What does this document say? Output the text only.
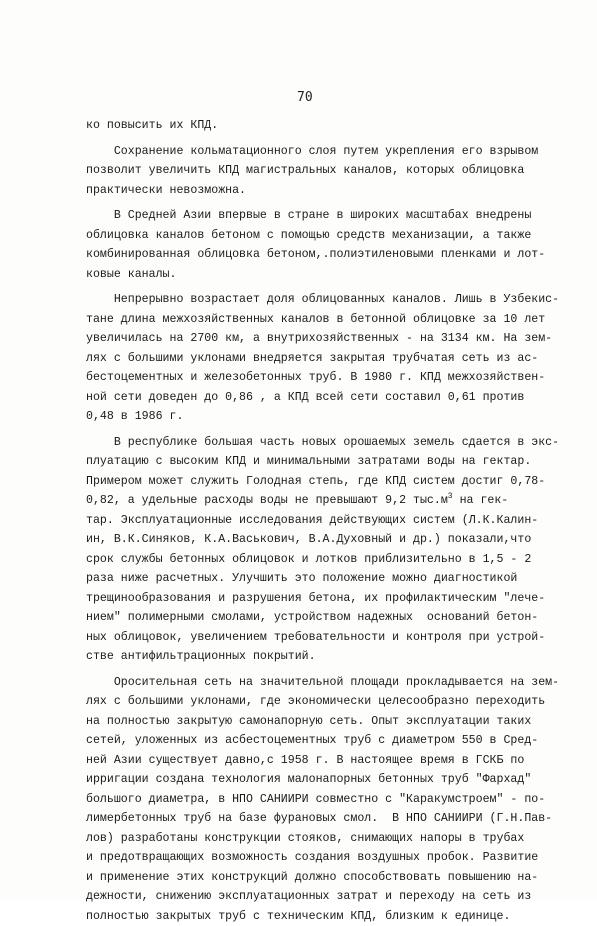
70
ко повысить их КПД.
Сохранение кольматационного слоя путем укрепления его взрывом
позволит увеличить КПД магистральных каналов, которых облицовка
практически невозможна.
В Средней Азии впервые в стране в широких масштабах внедрены
облицовка каналов бетоном с помощью средств механизации, а также
комбинированная облицовка бетоном,.полиэтиленовыми пленками и лот-
ковые каналы.
Непрерывно возрастает доля облицованных каналов. Лишь в Узбекис-
тане длина межхозяйственных каналов в бетонной облицовке за 10 лет
увеличилась на 2700 км, а внутрихозяйственных - на 3134 км. На зем-
лях с большими уклонами внедряется закрытая трубчатая сеть из ас-
бестоцементных и железобетонных труб. В 1980 г. КПД межхозяйствен-
ной сети доведен до 0,86 , а КПД всей сети составил 0,61 против
0,48 в 1986 г.
В республике большая часть новых орошаемых земель сдается в экс-
плуатацию с высоким КПД и минимальными затратами воды на гектар.
Примером может служить Голодная степь, где КПД систем достиг 0,78-
0,82, а удельные расходы воды не превышают 9,2 $тыс.м^3$ на гек-
тар. Эксплуатационные исследования действующих систем (Л.К.Калин-
ин, В.К.Синяков, К.А.Васькович, В.А.Духовный и др.) показали,что
срок службы бетонных облицовок и лотков приблизительно в 1,5 - 2
раза ниже расчетных. Улучшить это положение можно диагностикой
трещинообразования и разрушения бетона, их профилактическим "лече-
нием" полимерными смолами, устройством надежных  оснований бетон-
ных облицовок, увеличением требовательности и контроля при устрой-
стве антифильтрационных покрытий.
Оросительная сеть на значительной площади прокладывается на зем-
лях с большими уклонами, где экономически целесообразно переходить
на полностью закрытую самонапорную сеть. Опыт эксплуатации таких
сетей, уложенных из асбестоцементных труб с диаметром 550 в Сред-
ней Азии существует давно,с 1958 г. В настоящее время в ГСКБ по
ирригации создана технология малонапорных бетонных труб "Фархад"
большого диаметра, в НПО САНИИРИ совместно с "Каракумстроем" - по-
лимербетонных труб на базе фурановых смол.  В НПО САНИИРИ (Г.Н.Пав-
лов) разработаны конструкции стояков, снимающих напоры в трубах
и предотвращающих возможность создания воздушных пробок. Развитие
и применение этих конструкций должно способствовать повышению на-
дежности, снижению эксплуатационных затрат и переходу на сеть из
полностью закрытых труб с техническим КПД, близким к единице.
